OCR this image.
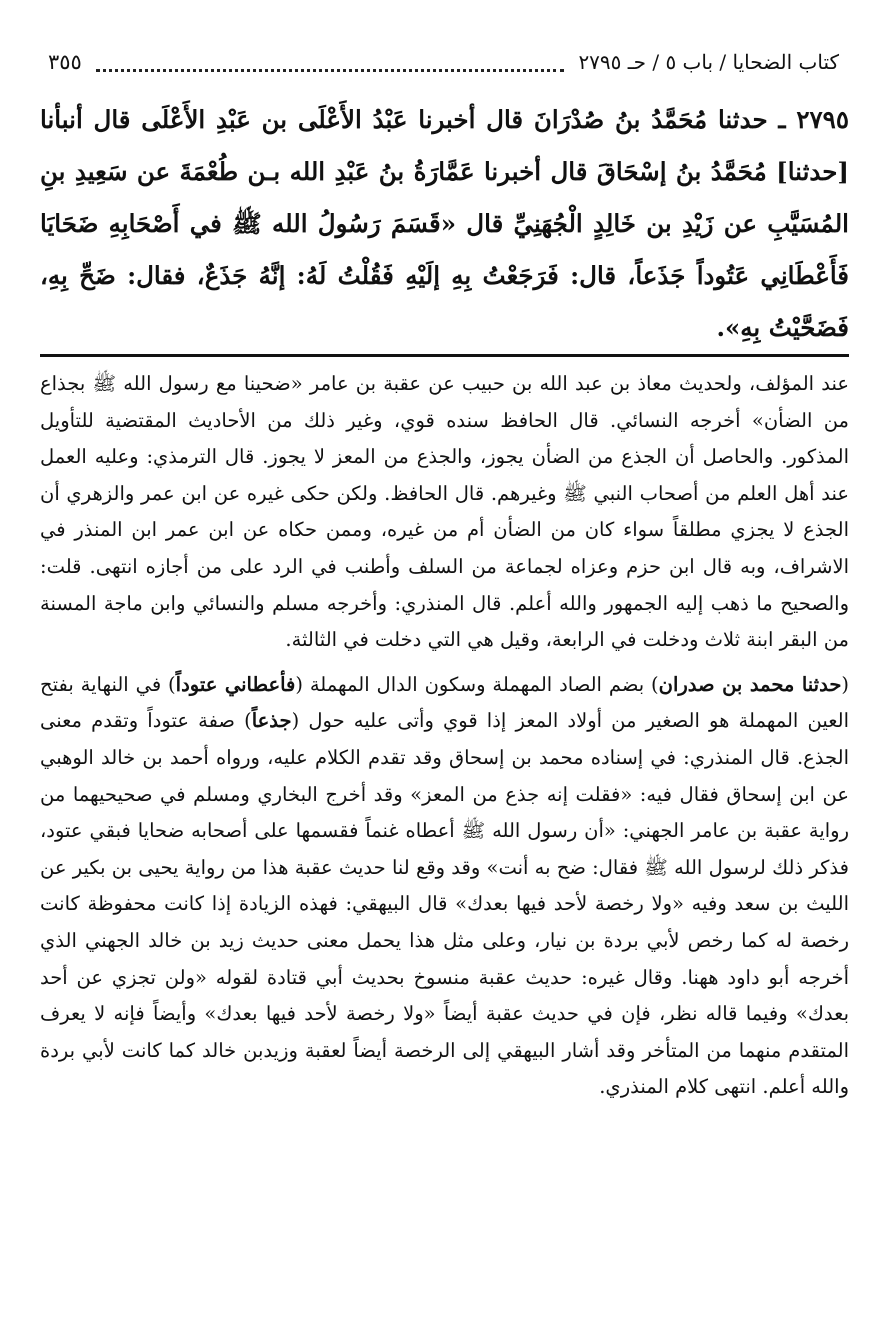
كتاب الضحايا / باب ٥ / حـ ٢٧٩٥
٣٥٥
٢٧٩٥ ـ حدثنا مُحَمَّدُ بنُ صُدْرَانَ قال أخبرنا عَبْدُ الأَعْلَى بن عَبْدِ الأَعْلَى قال أنبأنا [حدثنا] مُحَمَّدُ بنُ إسْحَاقَ قال أخبرنا عَمَّارَةُ بنُ عَبْدِ الله بـن طُعْمَةَ عن سَعِيدِ بنِ المُسَيَّبِ عن زَيْدِ بن خَالِدٍ الْجُهَنِيِّ قال «قَسَمَ رَسُولُ الله ﷺ في أَصْحَابِهِ ضَحَايَا فَأَعْطَانِي عَتُوداً جَذَعاً، قال: فَرَجَعْتُ بِهِ إلَيْهِ فَقُلْتُ لَهُ: إنَّهُ جَذَعٌ، فقال: ضَحِّ بِهِ، فَضَحَّيْتُ بِهِ».

عند المؤلف، ولحديث معاذ بن عبد الله بن حبيب عن عقبة بن عامر «ضحينا مع رسول الله ﷺ بجذاع من الضأن» أخرجه النسائي. قال الحافظ سنده قوي، وغير ذلك من الأحاديث المقتضية للتأويل المذكور. والحاصل أن الجذع من الضأن يجوز، والجذع من المعز لا يجوز. قال الترمذي: وعليه العمل عند أهل العلم من أصحاب النبي ﷺ وغيرهم. قال الحافظ. ولكن حكى غيره عن ابن عمر والزهري أن الجذع لا يجزي مطلقاً سواء كان من الضأن أم من غيره، وممن حكاه عن ابن عمر ابن المنذر في الاشراف، وبه قال ابن حزم وعزاه لجماعة من السلف وأطنب في الرد على من أجازه انتهى. قلت: والصحيح ما ذهب إليه الجمهور والله أعلم. قال المنذري: وأخرجه مسلم والنسائي وابن ماجة المسنة من البقر ابنة ثلاث ودخلت في الرابعة، وقيل هي التي دخلت في الثالثة.

(حدثنا محمد بن صدران) بضم الصاد المهملة وسكون الدال المهملة (فأعطاني عتوداً) في النهاية بفتح العين المهملة هو الصغير من أولاد المعز إذا قوي وأتى عليه حول (جذعاً) صفة عتوداً وتقدم معنى الجذع. قال المنذري: في إسناده محمد بن إسحاق وقد تقدم الكلام عليه، ورواه أحمد بن خالد الوهبي عن ابن إسحاق فقال فيه: «فقلت إنه جذع من المعز» وقد أخرج البخاري ومسلم في صحيحيهما من رواية عقبة بن عامر الجهني: «أن رسول الله ﷺ أعطاه غنماً فقسمها على أصحابه ضحايا فبقي عتود، فذكر ذلك لرسول الله ﷺ فقال: ضح به أنت» وقد وقع لنا حديث عقبة هذا من رواية يحيى بن بكير عن الليث بن سعد وفيه «ولا رخصة لأحد فيها بعدك» قال البيهقي: فهذه الزيادة إذا كانت محفوظة كانت رخصة له كما رخص لأبي بردة بن نيار، وعلى مثل هذا يحمل معنى حديث زيد بن خالد الجهني الذي أخرجه أبو داود ههنا. وقال غيره: حديث عقبة منسوخ بحديث أبي قتادة لقوله «ولن تجزي عن أحد بعدك» وفيما قاله نظر، فإن في حديث عقبة أيضاً «ولا رخصة لأحد فيها بعدك» وأيضاً فإنه لا يعرف المتقدم منهما من المتأخر وقد أشار البيهقي إلى الرخصة أيضاً لعقبة وزيدبن خالد كما كانت لأبي بردة والله أعلم. انتهى كلام المنذري.
